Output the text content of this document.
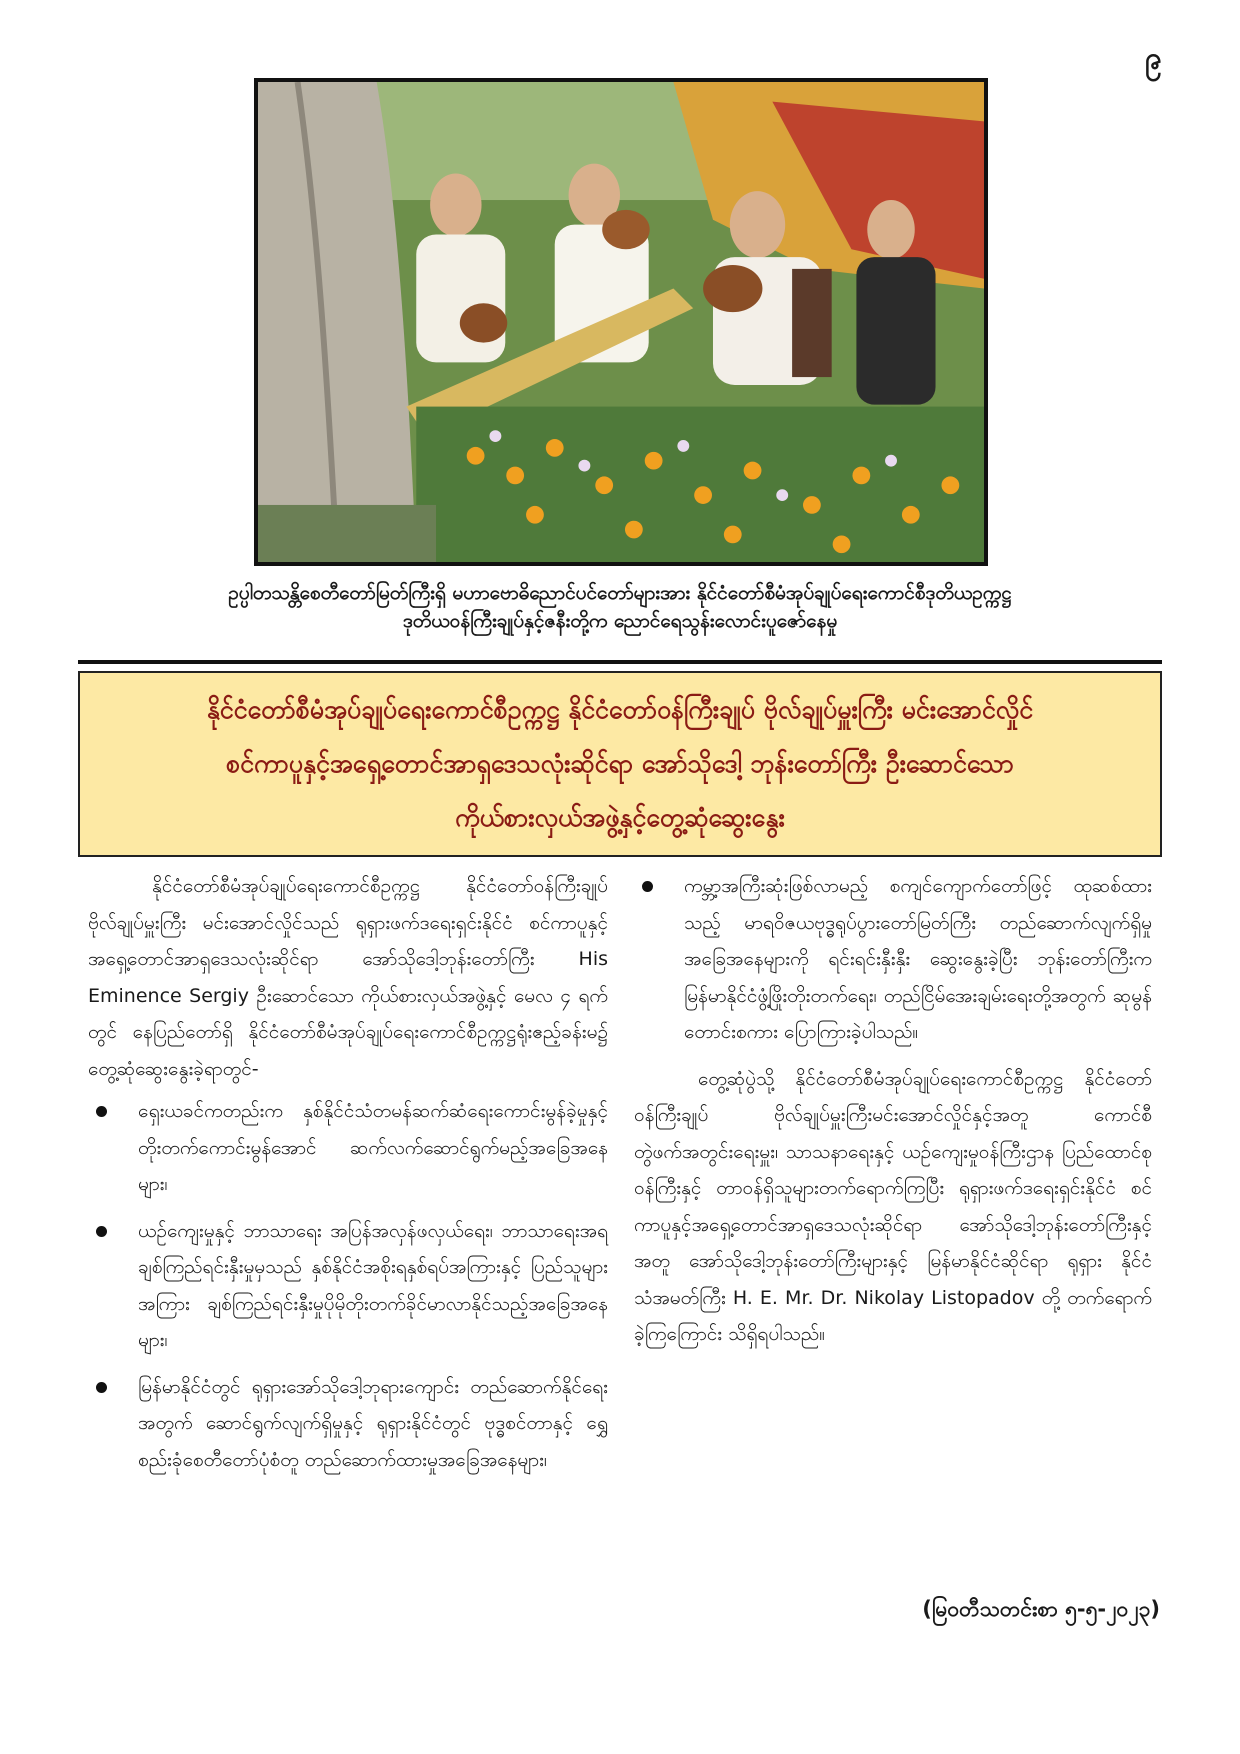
၉
ဥပ္ပါတသန္တိစေတီတော်မြတ်ကြီးရှိ မဟာဗောဓိညောင်ပင်တော်များအား နိုင်ငံတော်စီမံအုပ်ချုပ်ရေးကောင်စီဒုတိယဥက္ကဋ္ဌ
ဒုတိယဝန်ကြီးချုပ်နှင့်ဇနီးတို့က ညောင်ရေသွန်းလောင်းပူဇော်နေမှု
နိုင်ငံတော်စီမံအုပ်ချုပ်ရေးကောင်စီဥက္ကဋ္ဌ နိုင်ငံတော်ဝန်ကြီးချုပ် ဗိုလ်ချုပ်မှူးကြီး မင်းအောင်လှိုင်
စင်ကာပူနှင့်အရှေ့တောင်အာရှဒေသလုံးဆိုင်ရာ အော်သိုဒေါ့ ဘုန်းတော်ကြီး ဦးဆောင်သော
ကိုယ်စားလှယ်အဖွဲ့နှင့်တွေ့ဆုံဆွေးနွေး

နိုင်ငံတော်စီမံအုပ်ချုပ်ရေးကောင်စီဥက္ကဋ္ဌ နိုင်ငံတော်ဝန်ကြီးချုပ် ဗိုလ်ချုပ်မှူးကြီး မင်းအောင်လှိုင်သည် ရုရှားဖက်ဒရေးရှင်းနိုင်ငံ စင်ကာပူနှင့်အရှေ့တောင်အာရှဒေသလုံးဆိုင်ရာ အော်သိုဒေါ့ဘုန်းတော်ကြီး His Eminence Sergiy ဦးဆောင်သော ကိုယ်စားလှယ်အဖွဲ့နှင့် မေလ ၄ ရက်တွင် နေပြည်တော်ရှိ နိုင်ငံတော်စီမံအုပ်ချုပ်ရေးကောင်စီဥက္ကဋ္ဌရုံးဧည့်ခန်းမ၌ တွေ့ဆုံဆွေးနွေးခဲ့ရာတွင်-

ရှေးယခင်ကတည်းက နှစ်နိုင်ငံသံတမန်ဆက်ဆံရေးကောင်းမွန်ခဲ့မှုနှင့် တိုးတက်ကောင်းမွန်အောင် ဆက်လက်ဆောင်ရွက်မည့်အခြေအနေများ၊
ယဉ်ကျေးမှုနှင့် ဘာသာရေး အပြန်အလှန်ဖလှယ်ရေး၊ ဘာသာရေးအရချစ်ကြည်ရင်းနှီးမှုမှသည် နှစ်နိုင်ငံအစိုးရနှစ်ရပ်အကြားနှင့် ပြည်သူများအကြား ချစ်ကြည်ရင်းနှီးမှုပိုမိုတိုးတက်ခိုင်မာလာနိုင်သည့်အခြေအနေများ၊
မြန်မာနိုင်ငံတွင် ရုရှားအော်သိုဒေါ့ဘုရားကျောင်း တည်ဆောက်နိုင်ရေးအတွက် ဆောင်ရွက်လျက်ရှိမှုနှင့် ရုရှားနိုင်ငံတွင် ဗုဒ္ဓစင်တာနှင့် ရွှေစည်းခုံစေတီတော်ပုံစံတူ တည်ဆောက်ထားမှုအခြေအနေများ၊
ကမ္ဘာ့အကြီးဆုံးဖြစ်လာမည့် စကျင်ကျောက်တော်ဖြင့် ထုဆစ်ထားသည့် မာရဝိဇယဗုဒ္ဓရုပ်ပွားတော်မြတ်ကြီး တည်ဆောက်လျက်ရှိမှုအခြေအနေများကို ရင်းရင်းနှီးနှီး ဆွေးနွေးခဲ့ပြီး ဘုန်းတော်ကြီးက မြန်မာနိုင်ငံဖွံ့ဖြိုးတိုးတက်ရေး၊ တည်ငြိမ်အေးချမ်းရေးတို့အတွက် ဆုမွန်တောင်းစကား ပြောကြားခဲ့ပါသည်။

တွေ့ဆုံပွဲသို့ နိုင်ငံတော်စီမံအုပ်ချုပ်ရေးကောင်စီဥက္ကဋ္ဌ နိုင်ငံတော်ဝန်ကြီးချုပ် ဗိုလ်ချုပ်မှူးကြီးမင်းအောင်လှိုင်နှင့်အတူ ကောင်စီတွဲဖက်အတွင်းရေးမှူး၊ သာသနာရေးနှင့် ယဉ်ကျေးမှုဝန်ကြီးဌာန ပြည်ထောင်စုဝန်ကြီးနှင့် တာဝန်ရှိသူများတက်ရောက်ကြပြီး ရုရှားဖက်ဒရေးရှင်းနိုင်ငံ စင်ကာပူနှင့်အရှေ့တောင်အာရှဒေသလုံးဆိုင်ရာ အော်သိုဒေါ့ဘုန်းတော်ကြီးနှင့်အတူ အော်သိုဒေါ့ဘုန်းတော်ကြီးများနှင့် မြန်မာနိုင်ငံဆိုင်ရာ ရုရှား နိုင်ငံသံအမတ်ကြီး H. E. Mr. Dr. Nikolay Listopadov တို့ တက်ရောက်ခဲ့ကြကြောင်း သိရှိရပါသည်။

(မြဝတီသတင်းစာ ၅-၅-၂၀၂၃)
